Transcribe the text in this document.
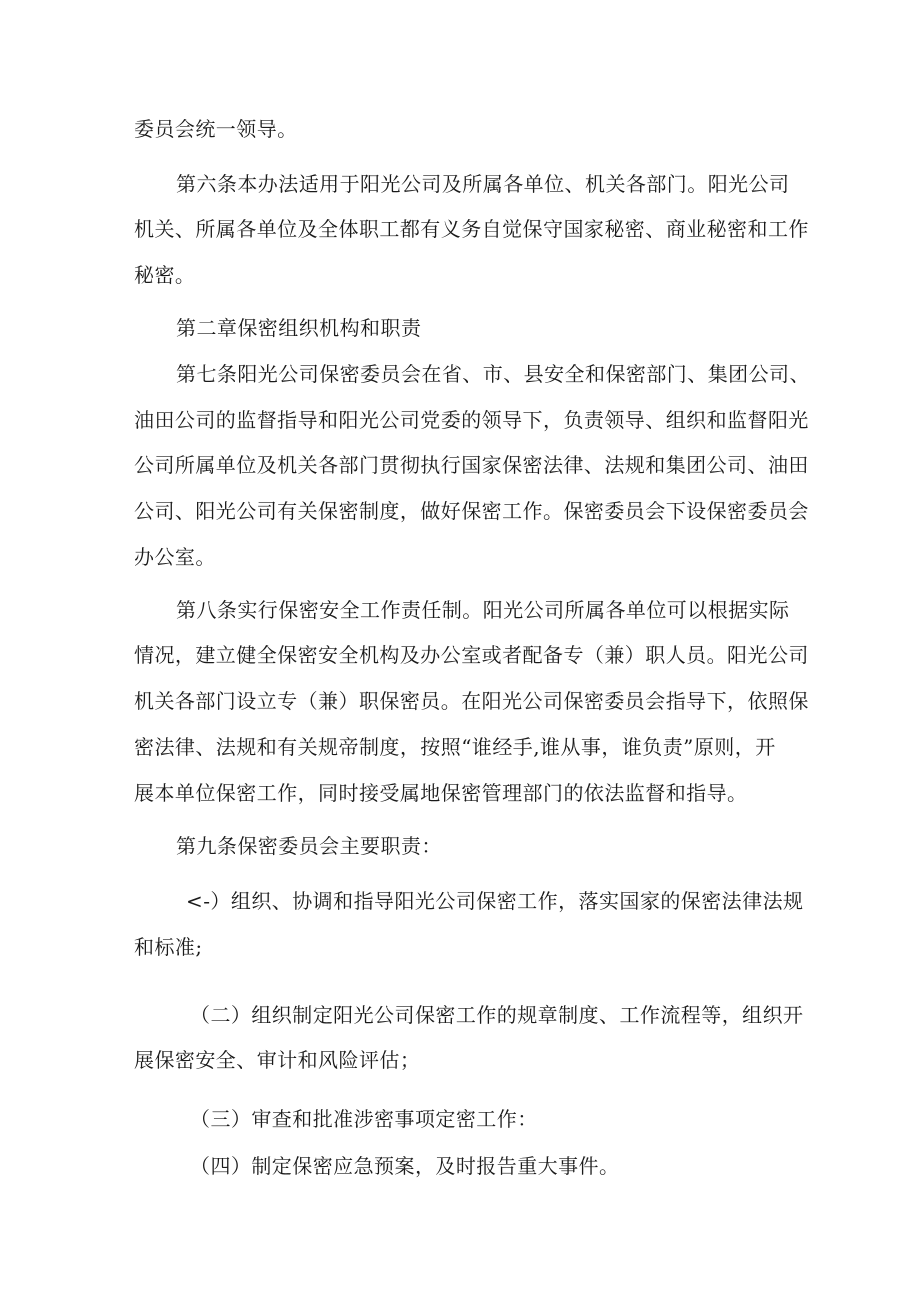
委员会统一领导。
第六条本办法适用于阳光公司及所属各单位、机关各部门。阳光公司
机关、所属各单位及全体职工都有义务自觉保守国家秘密、商业秘密和工作
秘密。
第二章保密组织机构和职责
第七条阳光公司保密委员会在省、市、县安全和保密部门、集团公司、
油田公司的监督指导和阳光公司党委的领导下，负责领导、组织和监督阳光
公司所属单位及机关各部门贯彻执行国家保密法律、法规和集团公司、油田
公司、阳光公司有关保密制度，做好保密工作。保密委员会下设保密委员会
办公室。
第八条实行保密安全工作责任制。阳光公司所属各单位可以根据实际
情况，建立健全保密安全机构及办公室或者配备专（兼）职人员。阳光公司
机关各部门设立专（兼）职保密员。在阳光公司保密委员会指导下，依照保
密法律、法规和有关规帝制度，按照“谁经手,谁从事，谁负责”原则，开
展本单位保密工作，同时接受属地保密管理部门的依法监督和指导。
第九条保密委员会主要职责：
<-）组织、协调和指导阳光公司保密工作，落实国家的保密法律法规
和标准;
（二）组织制定阳光公司保密工作的规章制度、工作流程等，组织开
展保密安全、审计和风险评估；
（三）审查和批准涉密事项定密工作：
（四）制定保密应急预案，及时报告重大事件。
